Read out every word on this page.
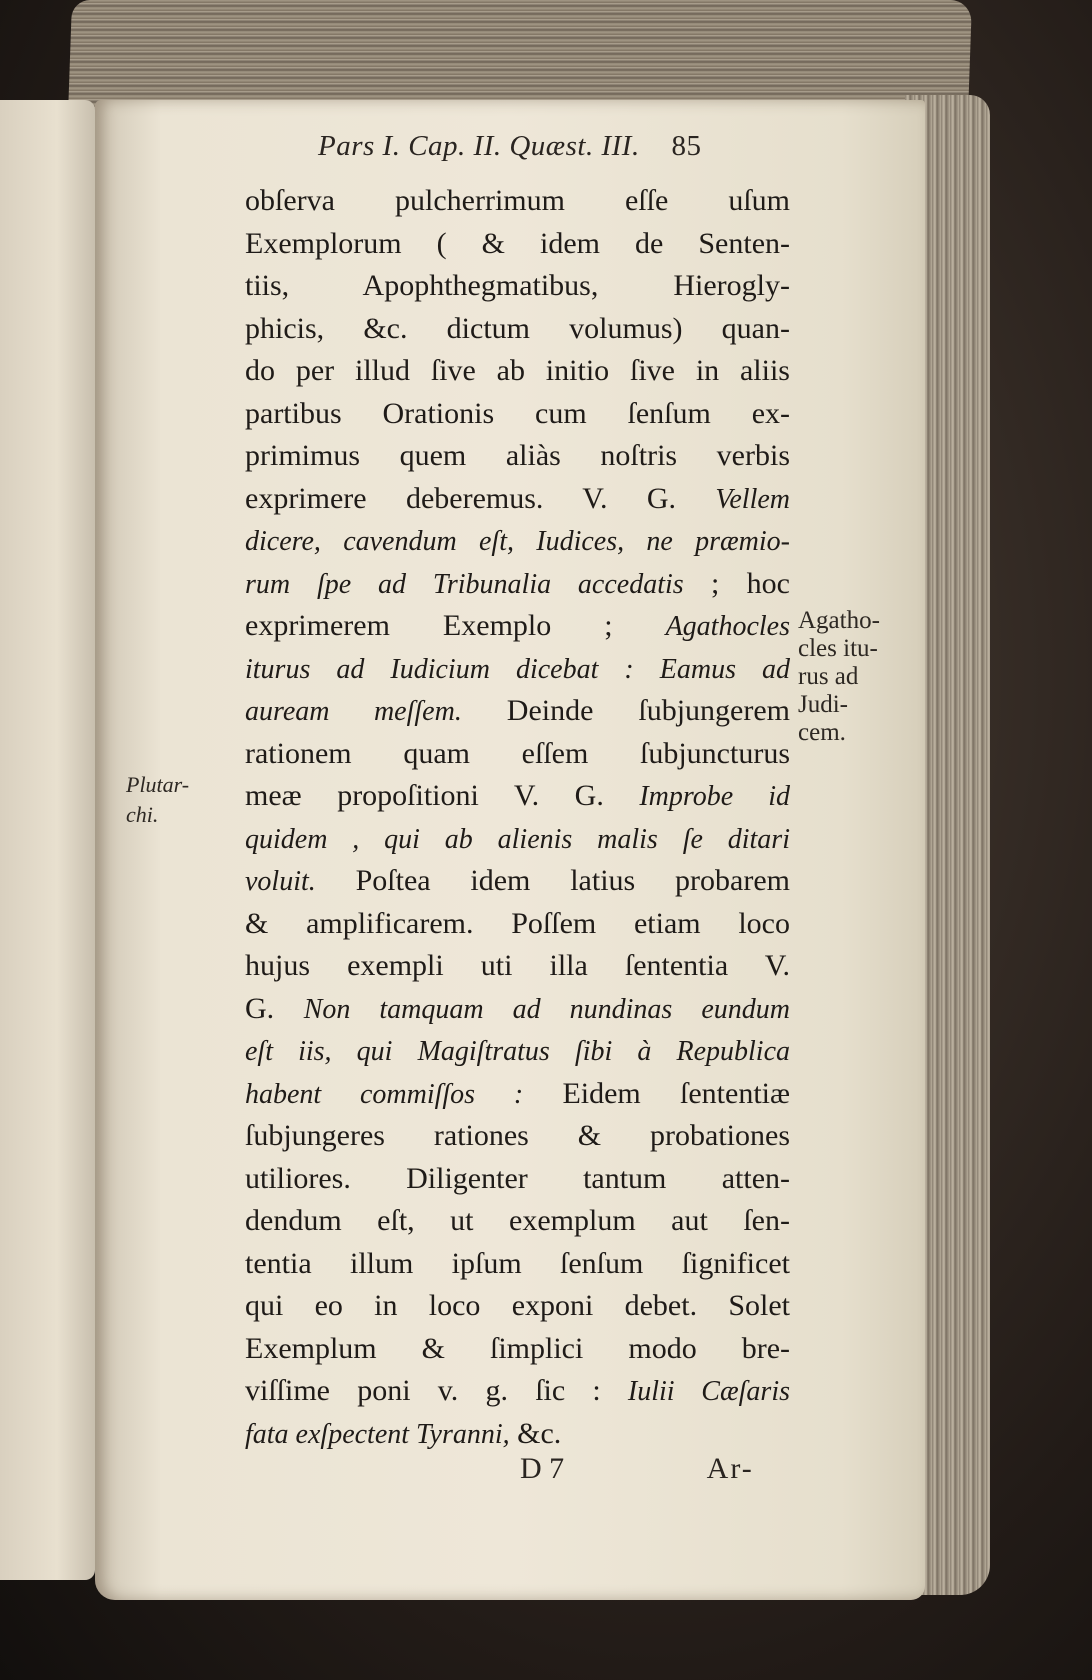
Pars I. Cap. II. Quæst. III. 85
obſerva pulcherrimum eſſe uſum
Exemplorum ( & idem de Senten-
tiis, Apophthegmatibus, Hierogly-
phicis, &c. dictum volumus) quan-
do per illud ſive ab initio ſive in aliis
partibus Orationis cum ſenſum ex-
primimus quem aliàs noſtris verbis
exprimere deberemus. V. G. Vellem
dicere, cavendum eſt, Iudices, ne præmio-
rum ſpe ad Tribunalia accedatis ; hoc
exprimerem Exemplo ; Agathocles
iturus ad Iudicium dicebat : Eamus ad
auream meſſem. Deinde ſubjungerem
rationem quam eſſem ſubjuncturus
meæ propoſitioni V. G. Improbe id
quidem , qui ab alienis malis ſe ditari
voluit. Poſtea idem latius probarem
& amplificarem. Poſſem etiam loco
hujus exempli uti illa ſententia V.
G. Non tamquam ad nundinas eundum
eſt iis, qui Magiſtratus ſibi à Republica
habent commiſſos : Eidem ſententiæ
ſubjungeres rationes & probationes
utiliores. Diligenter tantum atten-
dendum eſt, ut exemplum aut ſen-
tentia illum ipſum ſenſum ſignificet
qui eo in loco exponi debet. Solet
Exemplum & ſimplici modo bre-
viſſime poni v. g. ſic : Iulii Cæſaris
fata exſpectent Tyranni, &c.
Plutar-
chi.
Agatho-
cles itu-
rus ad
Judi-
cem.
D 7	Ar-
